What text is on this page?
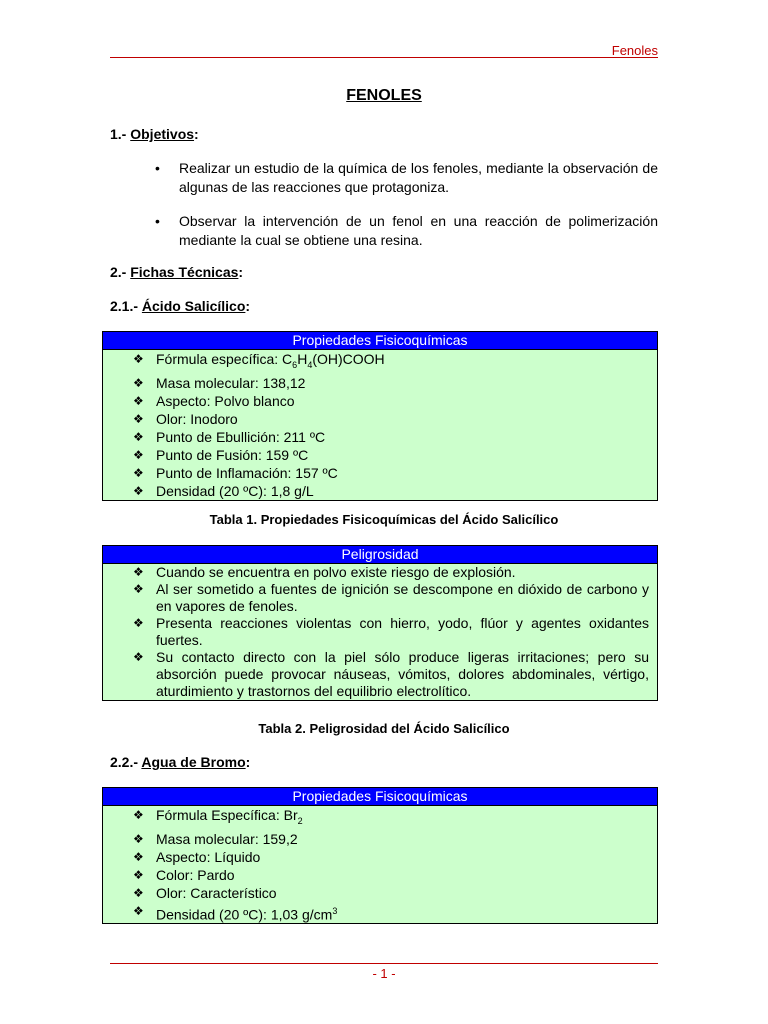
Fenoles
FENOLES
1.- Objetivos:
• Realizar un estudio de la química de los fenoles, mediante la observación de algunas de las reacciones que protagoniza.
• Observar la intervención de un fenol en una reacción de polimerización mediante la cual se obtiene una resina.
2.- Fichas Técnicas:
2.1.- Ácido Salicílico:
Propiedades Fisicoquímicas
❖ Fórmula específica: $C_6H_4(OH)COOH$
❖ Masa molecular: 138,12
❖ Aspecto: Polvo blanco
❖ Olor: Inodoro
❖ Punto de Ebullición: 211 ºC
❖ Punto de Fusión: 159 ºC
❖ Punto de Inflamación: 157 ºC
❖ Densidad (20 ºC): 1,8 g/L
Tabla 1. Propiedades Fisicoquímicas del Ácido Salicílico
Peligrosidad
❖ Cuando se encuentra en polvo existe riesgo de explosión.
❖ Al ser sometido a fuentes de ignición se descompone en dióxido de carbono y en vapores de fenoles.
❖ Presenta reacciones violentas con hierro, yodo, flúor y agentes oxidantes fuertes.
❖ Su contacto directo con la piel sólo produce ligeras irritaciones; pero su absorción puede provocar náuseas, vómitos, dolores abdominales, vértigo, aturdimiento y trastornos del equilibrio electrolítico.
Tabla 2. Peligrosidad del Ácido Salicílico
2.2.- Agua de Bromo:
Propiedades Fisicoquímicas
❖ Fórmula Específica: $Br_2$
❖ Masa molecular: 159,2
❖ Aspecto: Líquido
❖ Color: Pardo
❖ Olor: Característico
❖ Densidad (20 ºC): 1,03 $g/cm^3$
- 1 -
